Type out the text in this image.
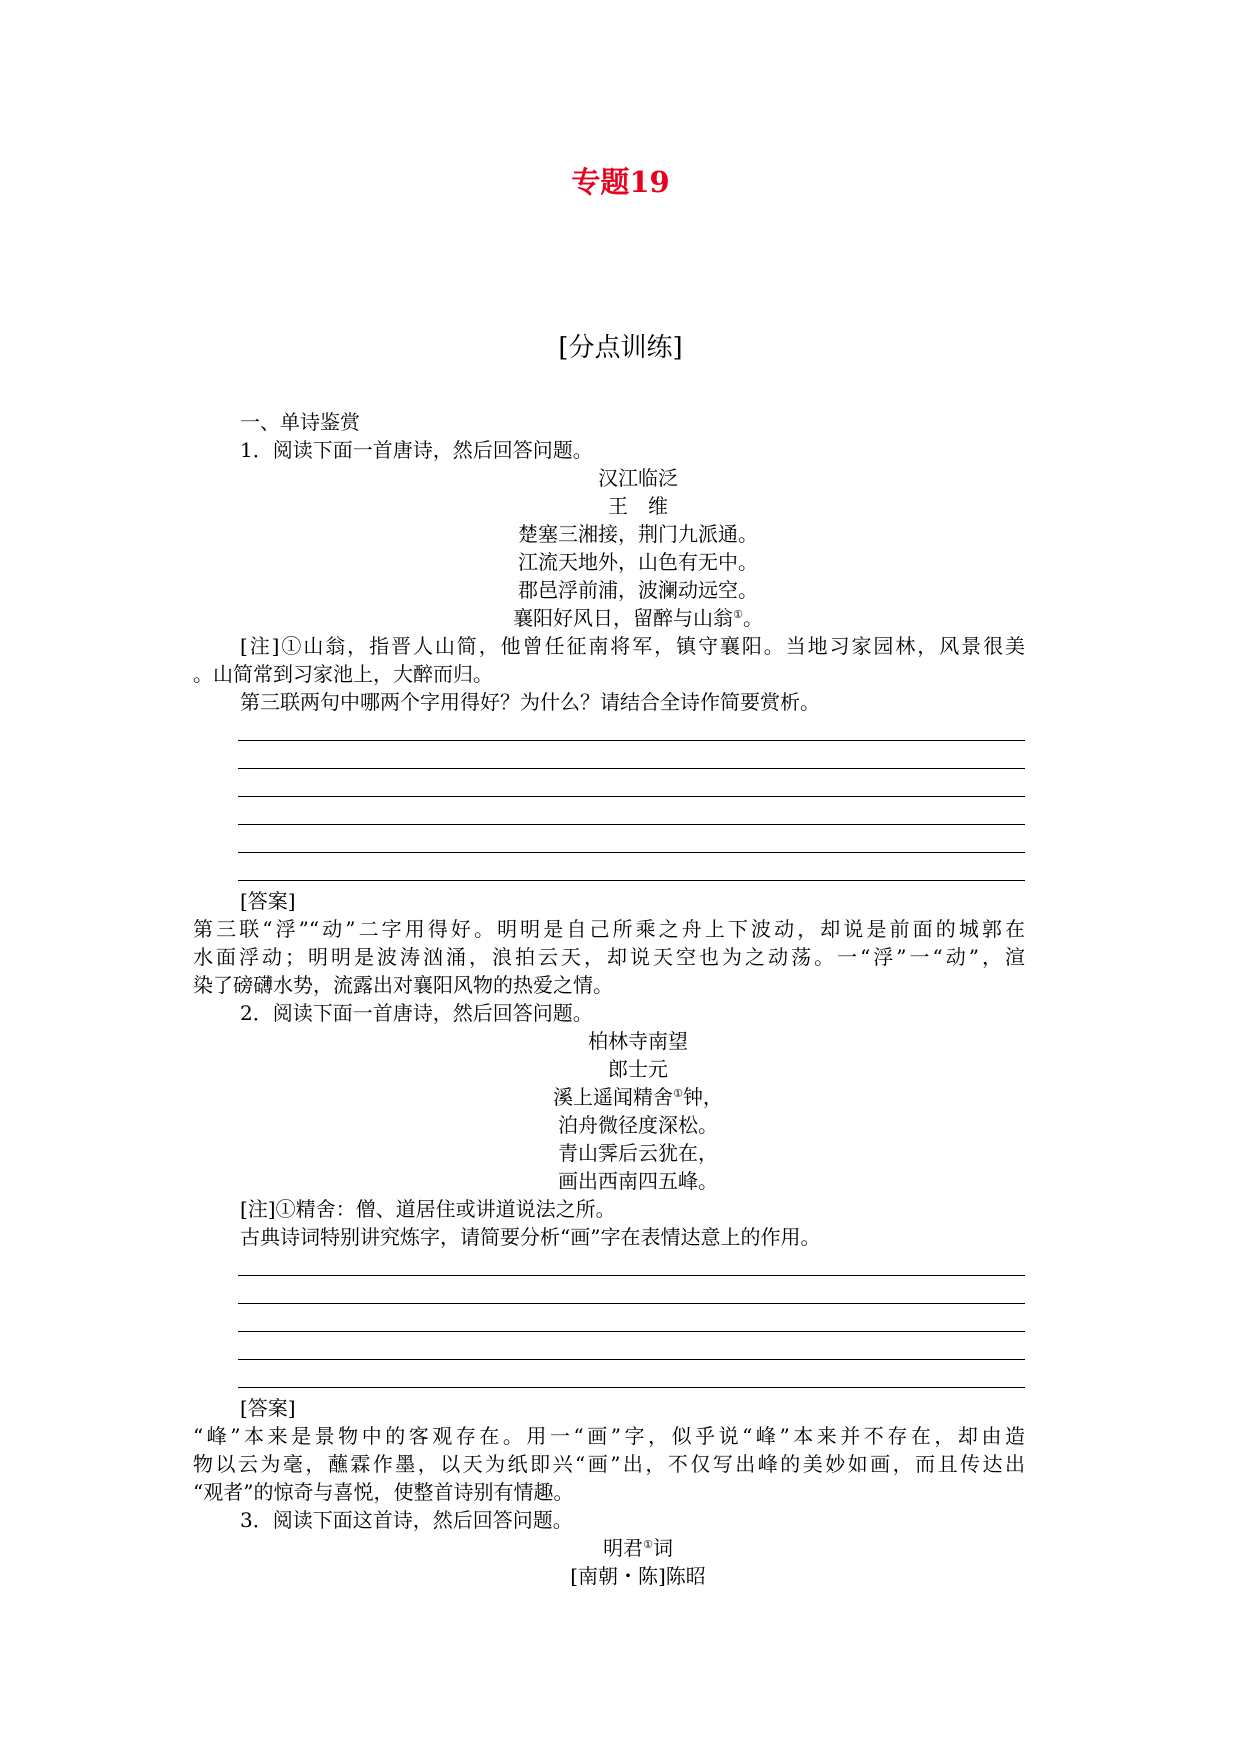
专题19
[分点训练]
一、单诗鉴赏
1．阅读下面一首唐诗，然后回答问题。
汉江临泛
王　维
楚塞三湘接，荆门九派通。
江流天地外，山色有无中。
郡邑浮前浦，波澜动远空。
襄阳好风日，留醉与山翁①。
[注]①山翁，指晋人山简，他曾任征南将军，镇守襄阳。当地习家园林，风景很美
。山简常到习家池上，大醉而归。
第三联两句中哪两个字用得好？为什么？请结合全诗作简要赏析。
[答案]
第三联“浮”“动”二字用得好。明明是自己所乘之舟上下波动，却说是前面的城郭在
水面浮动；明明是波涛汹涌，浪拍云天，却说天空也为之动荡。一“浮”一“动”，渲
染了磅礴水势，流露出对襄阳风物的热爱之情。
2．阅读下面一首唐诗，然后回答问题。
柏林寺南望
郎士元
溪上遥闻精舍①钟，
泊舟微径度深松。
青山霁后云犹在，
画出西南四五峰。
[注]①精舍：僧、道居住或讲道说法之所。
古典诗词特别讲究炼字，请简要分析“画”字在表情达意上的作用。
[答案]
“峰”本来是景物中的客观存在。用一“画”字，似乎说“峰”本来并不存在，却由造
物以云为毫，蘸霖作墨，以天为纸即兴“画”出，不仅写出峰的美妙如画，而且传达出
“观者”的惊奇与喜悦，使整首诗别有情趣。
3．阅读下面这首诗，然后回答问题。
明君①词
[南朝・陈]陈昭
